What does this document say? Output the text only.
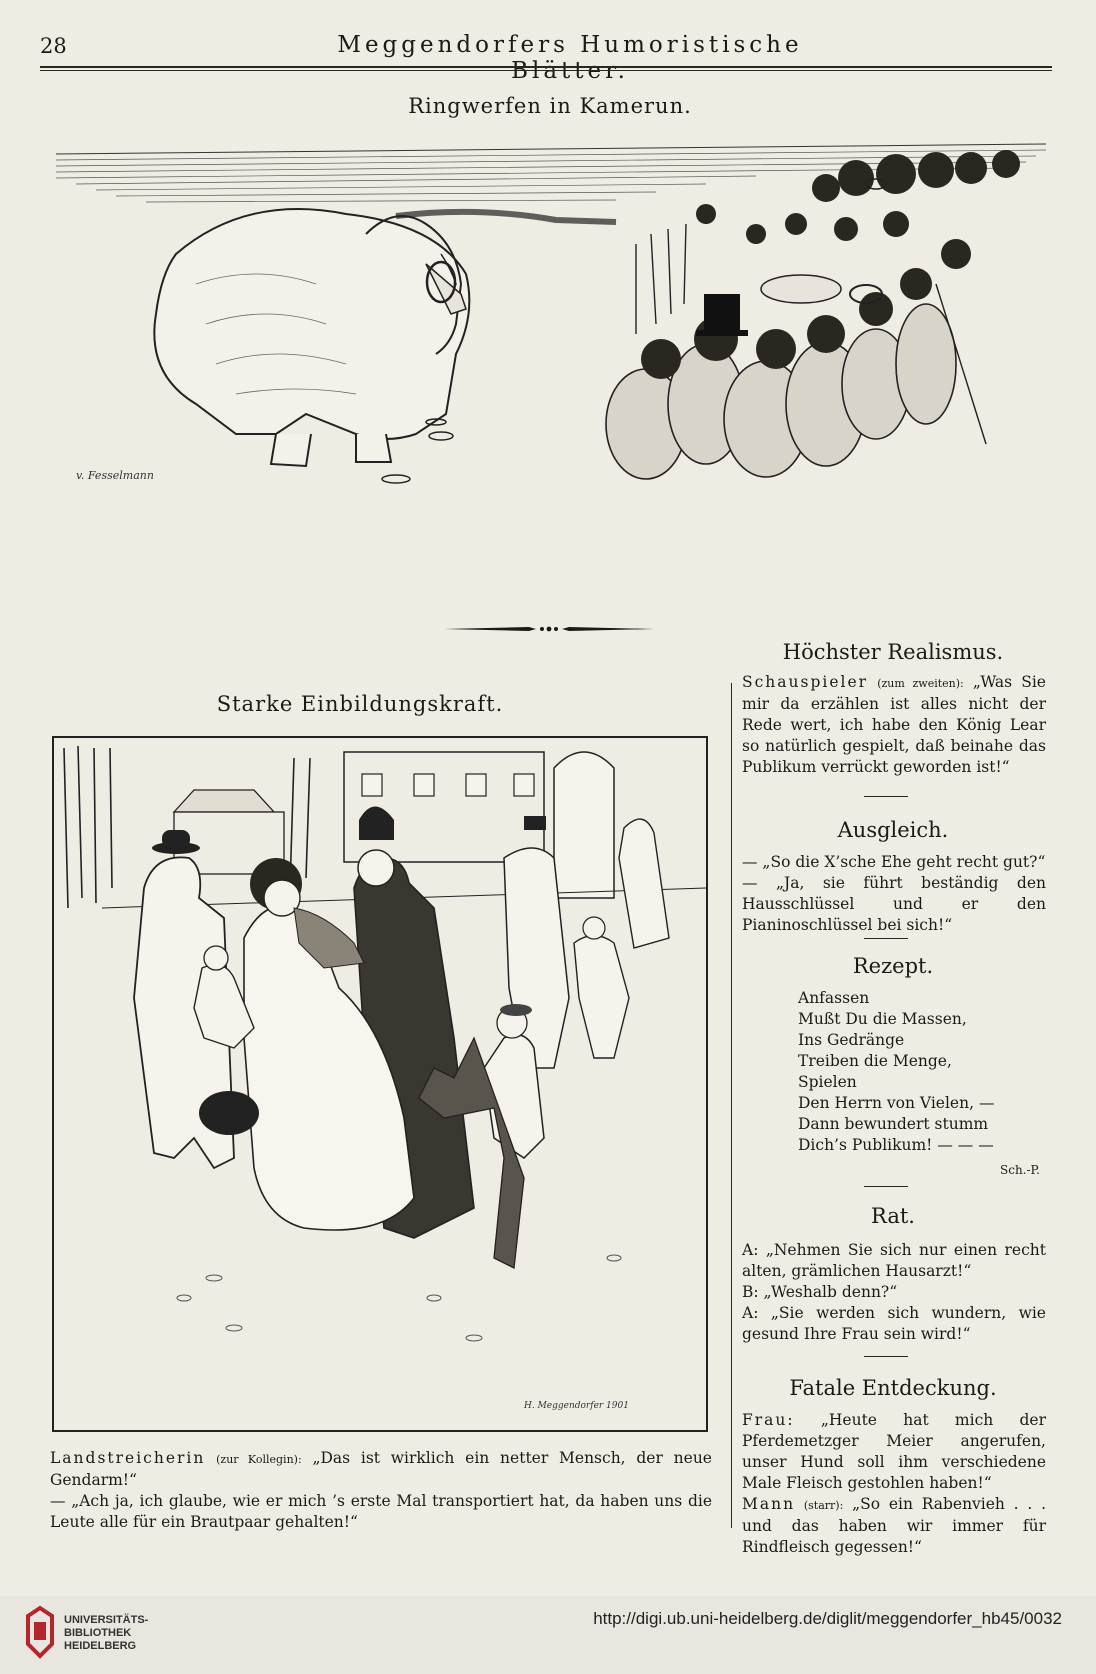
28	Meggendorfers Humoristische Blätter.
Ringwerfen in Kamerun.
v. Fesselmann
Starke Einbildungskraft.
H. Meggendorfer 1901
Landstreicherin (zur Kollegin): „Das ist wirklich ein netter Mensch, der neue Gendarm!“
— „Ach ja, ich glaube, wie er mich ’s erste Mal transportiert hat, da haben uns die Leute alle für ein Brautpaar gehalten!“
Höchster Realismus.
Schauspieler (zum zweiten): „Was Sie mir da erzählen ist alles nicht der Rede wert, ich habe den König Lear so natürlich gespielt, daß beinahe das Publikum verrückt geworden ist!“
Ausgleich.
— „So die X’sche Ehe geht recht gut?“
— „Ja, sie führt beständig den Hausschlüssel und er den Pianinoschlüssel bei sich!“
Rezept.
Anfassen
Mußt Du die Massen,
Ins Gedränge
Treiben die Menge,
Spielen
Den Herrn von Vielen, —
Dann bewundert stumm
Dich’s Publikum! — — —
Sch.-P.
Rat.
A: „Nehmen Sie sich nur einen recht alten, grämlichen Hausarzt!“
B: „Weshalb denn?“
A: „Sie werden sich wundern, wie gesund Ihre Frau sein wird!“
Fatale Entdeckung.
Frau: „Heute hat mich der Pferdemetzger Meier angerufen, unser Hund soll ihm verschiedene Male Fleisch gestohlen haben!“
Mann (starr): „So ein Rabenvieh . . . und das haben wir immer für Rindfleisch gegessen!“
UNIVERSITÄTS-
BIBLIOTHEK
HEIDELBERG
http://digi.ub.uni-heidelberg.de/diglit/meggendorfer_hb45/0032
